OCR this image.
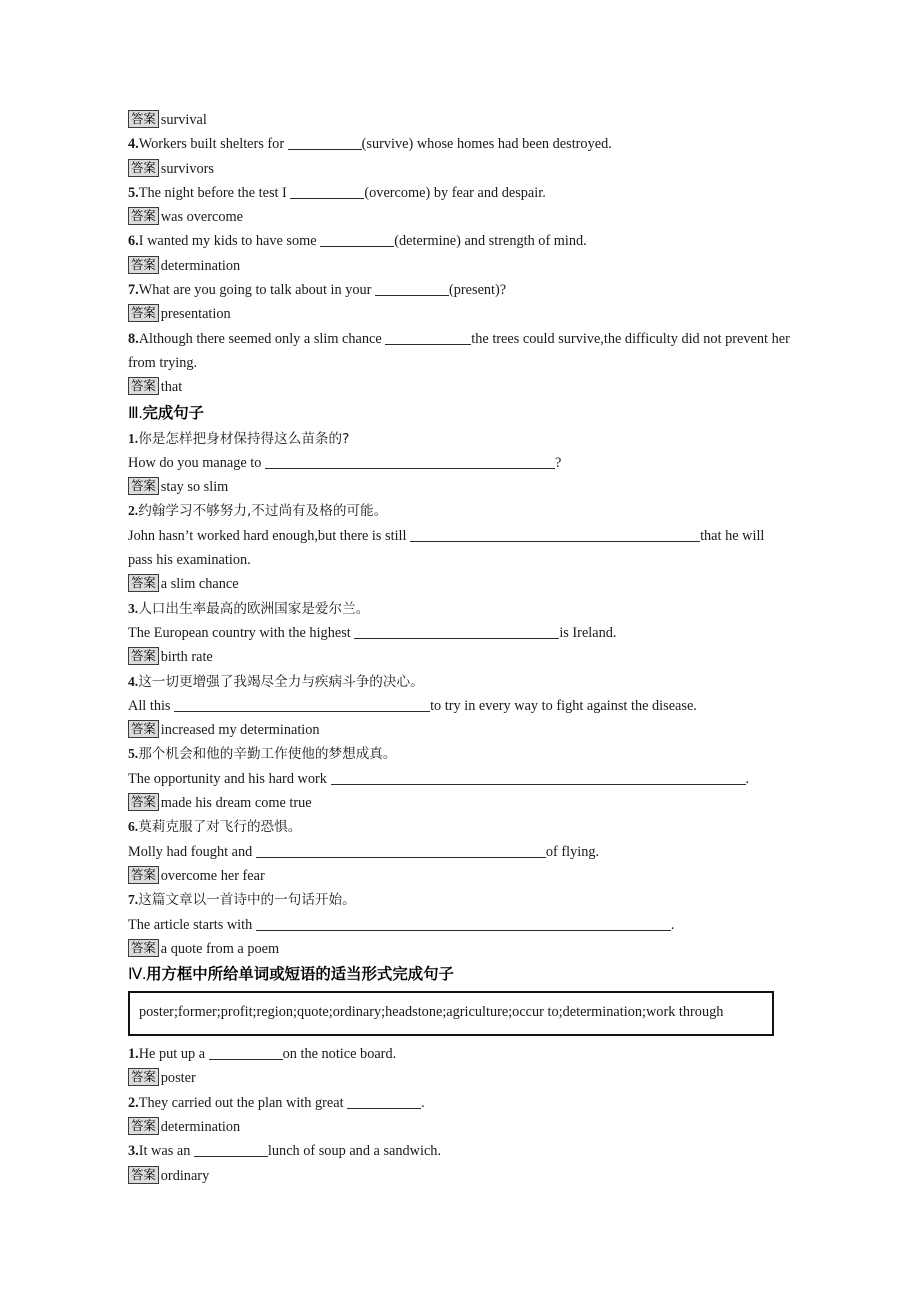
答案 survival
4.Workers built shelters for	(survive) whose homes had been destroyed.
答案 survivors
5.The night before the test I	(overcome) by fear and despair.
答案 was overcome
6.I wanted my kids to have some	(determine) and strength of mind.
答案 determination
7.What are you going to talk about in your	(present)?
答案 presentation
8.Although there seemed only a slim chance	the trees could survive,the difficulty did not prevent her from trying.
答案 that
Ⅲ.完成句子
1.你是怎样把身材保持得这么苗条的?
How do you manage to	?
答案 stay so slim
2.约翰学习不够努力,不过尚有及格的可能。
John hasn’t worked hard enough,but there is still	that he will pass his examination.
答案 a slim chance
3.人口出生率最高的欧洲国家是爱尔兰。
The European country with the highest	is Ireland.
答案 birth rate
4.这一切更增强了我竭尽全力与疾病斗争的决心。
All this	to try in every way to fight against the disease.
答案 increased my determination
5.那个机会和他的辛勤工作使他的梦想成真。
The opportunity and his hard work	.
答案 made his dream come true
6.莫莉克服了对飞行的恐惧。
Molly had fought and	of flying.
答案 overcome her fear
7.这篇文章以一首诗中的一句话开始。
The article starts with	.
答案 a quote from a poem
Ⅳ.用方框中所给单词或短语的适当形式完成句子
poster;former;profit;region;quote;ordinary;headstone;agriculture;occur to;determination;work through
1.He put up a	on the notice board.
答案 poster
2.They carried out the plan with great	.
答案 determination
3.It was an	lunch of soup and a sandwich.
答案 ordinary
